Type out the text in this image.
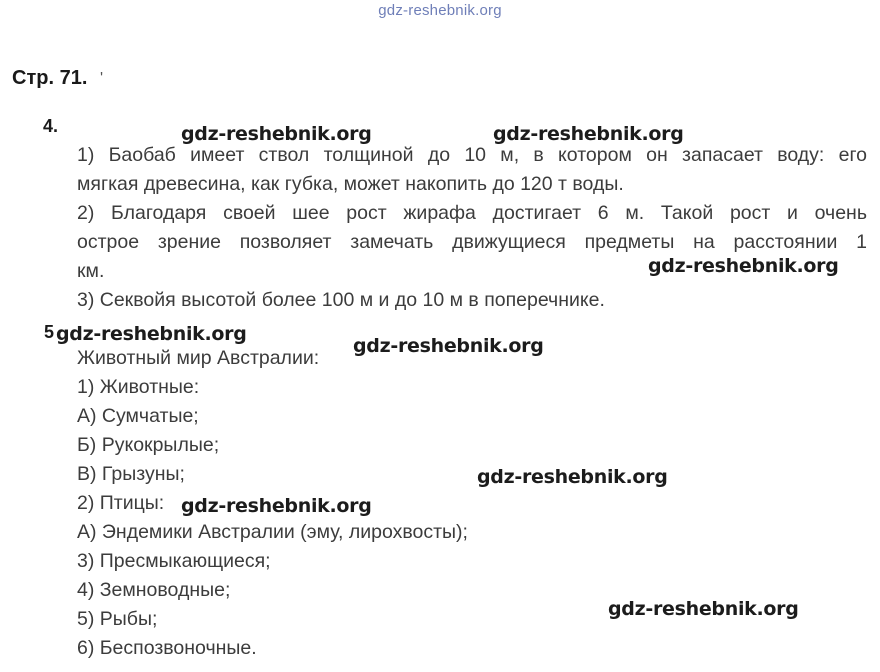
gdz-reshebnik.org
Стр. 71. '
4.
1) Баобаб имеет ствол толщиной до 10 м, в котором он запасает воду: его
мягкая древесина, как губка, может накопить до 120 т воды.
2) Благодаря своей шее рост жирафа достигает 6 м. Такой рост и очень
острое зрение позволяет замечать движущиеся предметы на расстоянии 1
км.
3) Секвойя высотой более 100 м и до 10 м в поперечнике.
5
Животный мир Австралии:
1) Животные:
А) Сумчатые;
Б) Рукокрылые;
В) Грызуны;
2) Птицы:
А) Эндемики Австралии (эму, лирохвосты);
3) Пресмыкающиеся;
4) Земноводные;
5) Рыбы;
6) Беспозвоночные.
gdz-reshebnik.org	gdz-reshebnik.org
gdz-reshebnik.org
gdz-reshebnik.org
gdz-reshebnik.org
gdz-reshebnik.org
gdz-reshebnik.org
gdz-reshebnik.org
